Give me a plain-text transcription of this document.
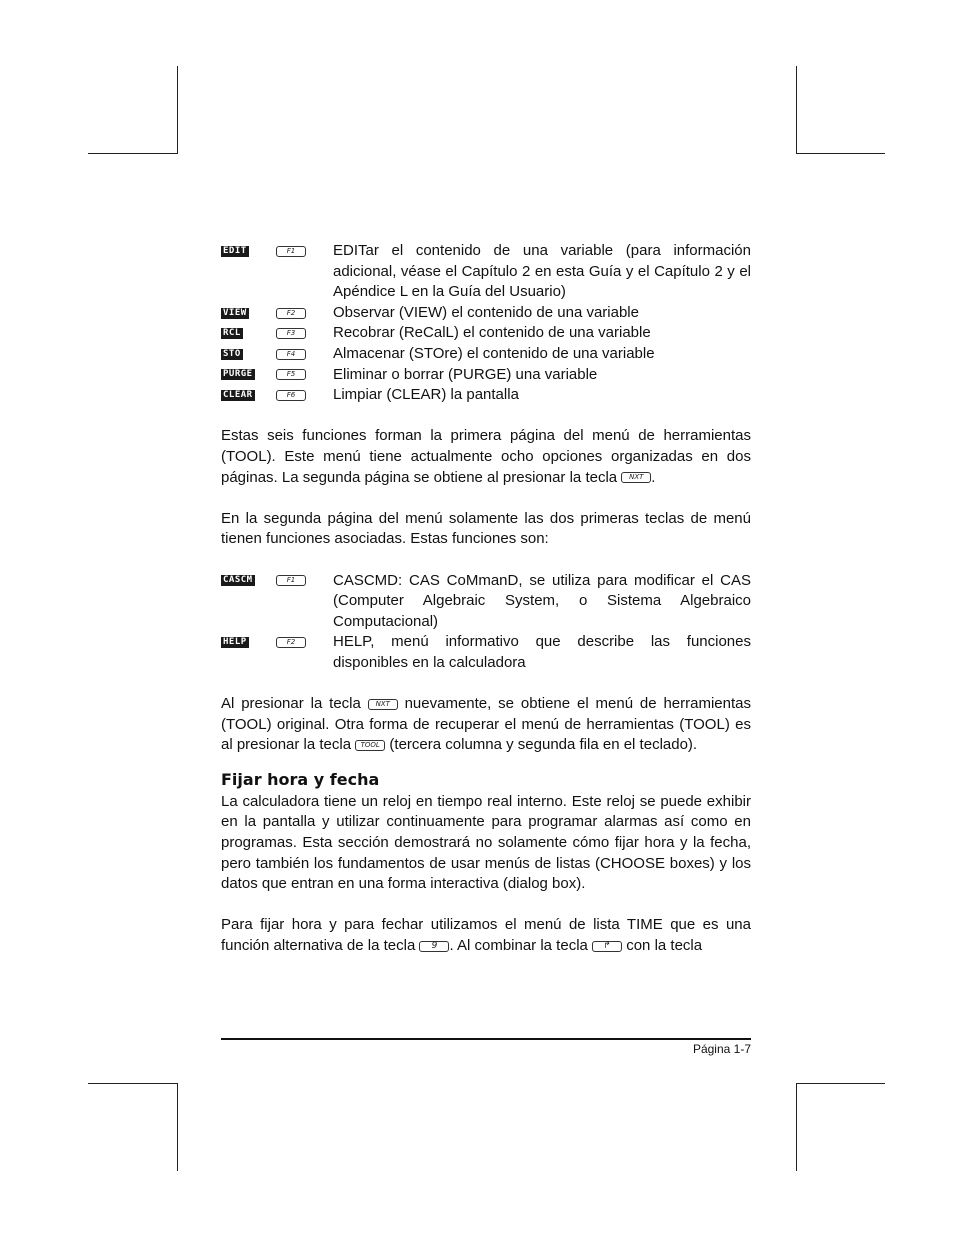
EDIT	F1	EDITar el contenido de una variable (para información adicional, véase el Capítulo 2 en esta Guía y el Capítulo 2 y el Apéndice L en la Guía del Usuario)
VIEW	F2	Observar (VIEW) el contenido de una variable
RCL	F3	Recobrar (ReCalL) el contenido de una variable
STO	F4	Almacenar (STOre) el contenido de una variable
PURGE	F5	Eliminar o borrar (PURGE) una variable
CLEAR	F6	Limpiar (CLEAR) la pantalla

Estas seis funciones forman la primera página del menú de herramientas (TOOL). Este menú tiene actualmente ocho opciones organizadas en dos páginas. La segunda página se obtiene al presionar la tecla NXT .

En la segunda página del menú solamente las dos primeras teclas de menú tienen funciones asociadas. Estas funciones son:

CASCM	F1	CASCMD: CAS CoMmanD, se utiliza para modificar el CAS (Computer Algebraic System, o Sistema Algebraico Computacional)
HELP	F2	HELP, menú informativo que describe las funciones disponibles en la calculadora

Al presionar la tecla NXT nuevamente, se obtiene el menú de herramientas (TOOL) original. Otra forma de recuperar el menú de herramientas (TOOL) es al presionar la tecla TOOL (tercera columna y segunda fila en el teclado).

Fijar hora y fecha

La calculadora tiene un reloj en tiempo real interno. Este reloj se puede exhibir en la pantalla y utilizar continuamente para programar alarmas así como en programas. Esta sección demostrará no solamente cómo fijar hora y la fecha, pero también los fundamentos de usar menús de listas (CHOOSE boxes) y los datos que entran en una forma interactiva (dialog box).

Para fijar hora y para fechar utilizamos el menú de lista TIME que es una función alternativa de la tecla 9 . Al combinar la tecla ↱ con la tecla

Página 1-7
